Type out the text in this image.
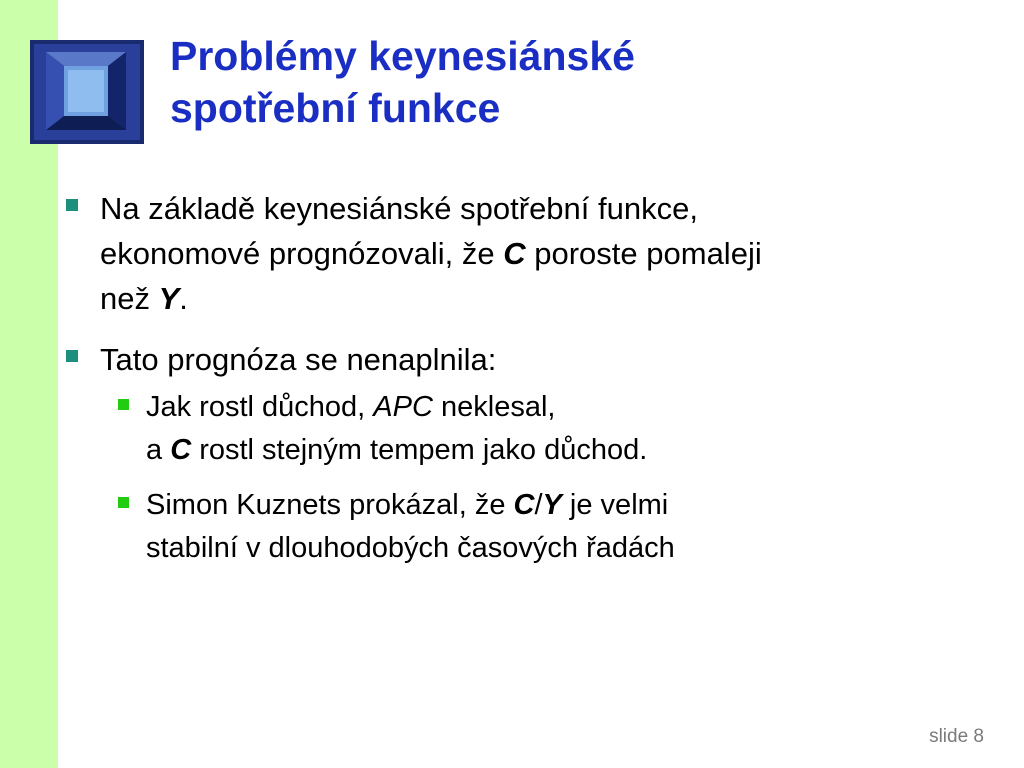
Problémy keynesiánské
spotřební funkce
Na základě keynesiánské spotřební funkce,
ekonomové prognózovali, že C poroste pomaleji
než Y.
Tato prognóza se nenaplnila:
Jak rostl důchod, APC neklesal,
a C rostl stejným tempem jako důchod.
Simon Kuznets prokázal, že C/Y je velmi
stabilní v dlouhodobých časových řadách
slide 8
